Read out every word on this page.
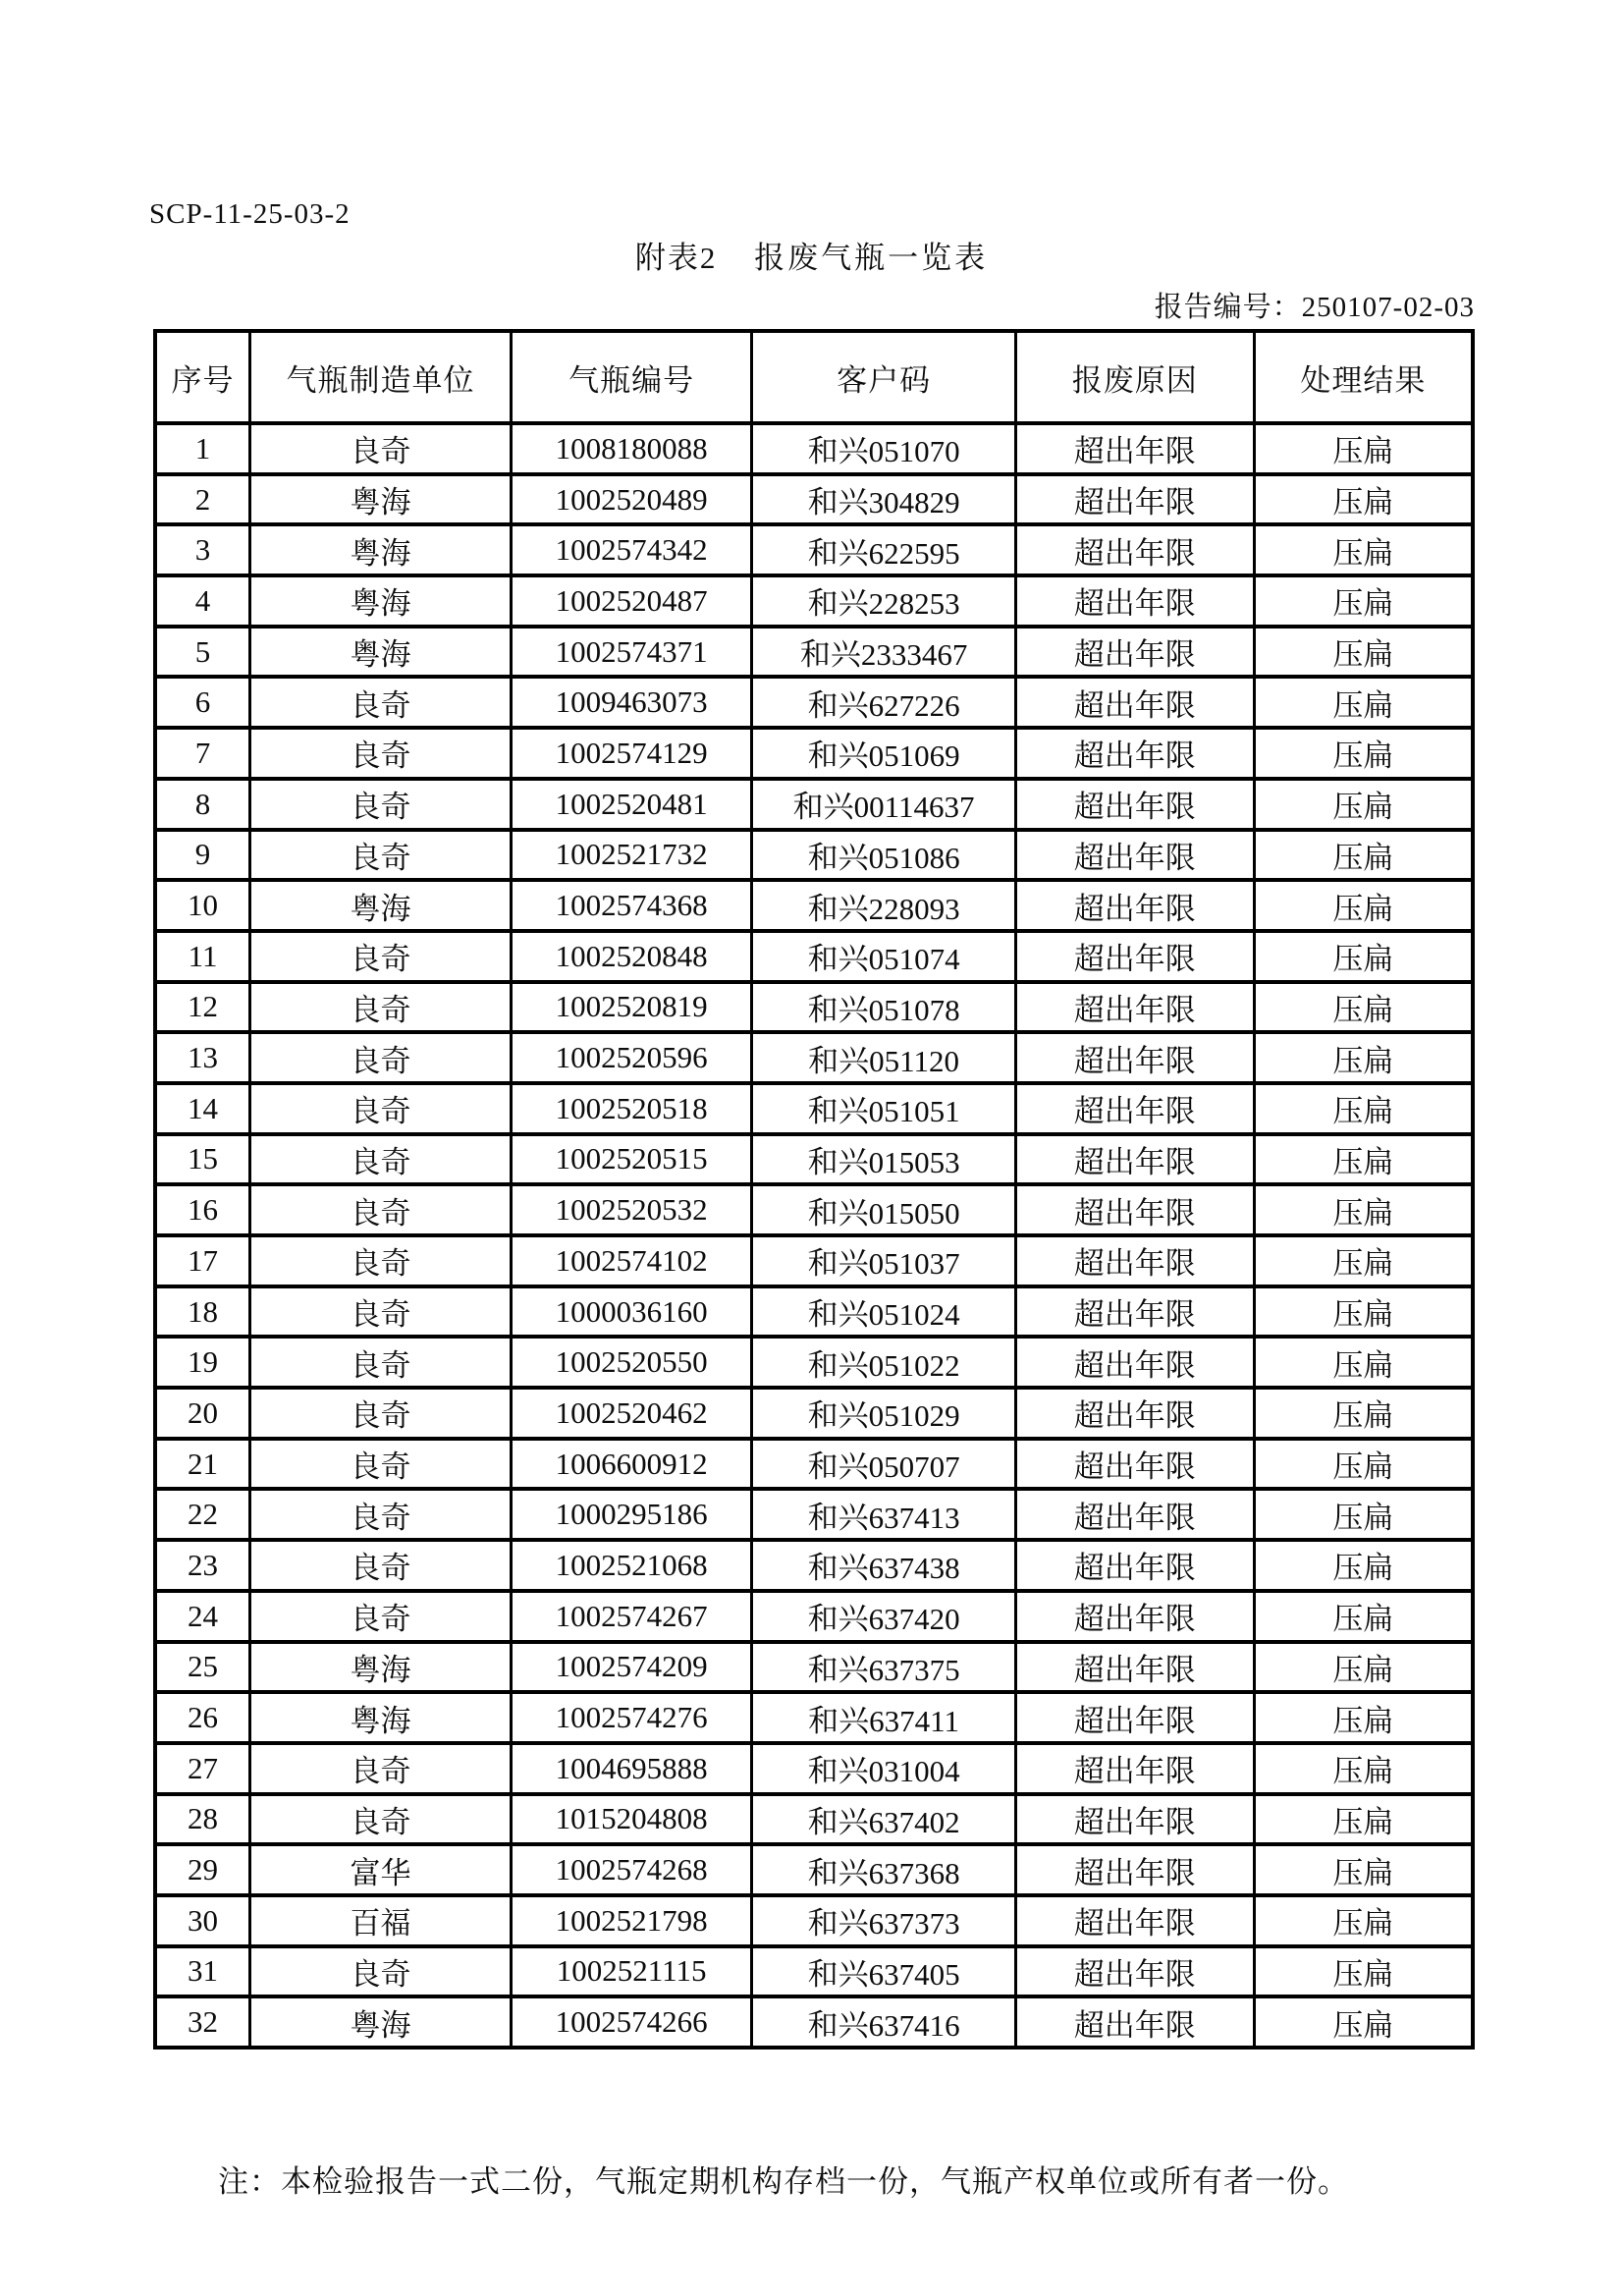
SCP-11-25-03-2
附表2 报废气瓶一览表
报告编号：250107-02-03
序号	气瓶制造单位	气瓶编号	客户码	报废原因	处理结果
1	良奇	1008180088	和兴051070	超出年限	压扁
2	粤海	1002520489	和兴304829	超出年限	压扁
3	粤海	1002574342	和兴622595	超出年限	压扁
4	粤海	1002520487	和兴228253	超出年限	压扁
5	粤海	1002574371	和兴2333467	超出年限	压扁
6	良奇	1009463073	和兴627226	超出年限	压扁
7	良奇	1002574129	和兴051069	超出年限	压扁
8	良奇	1002520481	和兴00114637	超出年限	压扁
9	良奇	1002521732	和兴051086	超出年限	压扁
10	粤海	1002574368	和兴228093	超出年限	压扁
11	良奇	1002520848	和兴051074	超出年限	压扁
12	良奇	1002520819	和兴051078	超出年限	压扁
13	良奇	1002520596	和兴051120	超出年限	压扁
14	良奇	1002520518	和兴051051	超出年限	压扁
15	良奇	1002520515	和兴015053	超出年限	压扁
16	良奇	1002520532	和兴015050	超出年限	压扁
17	良奇	1002574102	和兴051037	超出年限	压扁
18	良奇	1000036160	和兴051024	超出年限	压扁
19	良奇	1002520550	和兴051022	超出年限	压扁
20	良奇	1002520462	和兴051029	超出年限	压扁
21	良奇	1006600912	和兴050707	超出年限	压扁
22	良奇	1000295186	和兴637413	超出年限	压扁
23	良奇	1002521068	和兴637438	超出年限	压扁
24	良奇	1002574267	和兴637420	超出年限	压扁
25	粤海	1002574209	和兴637375	超出年限	压扁
26	粤海	1002574276	和兴637411	超出年限	压扁
27	良奇	1004695888	和兴031004	超出年限	压扁
28	良奇	1015204808	和兴637402	超出年限	压扁
29	富华	1002574268	和兴637368	超出年限	压扁
30	百福	1002521798	和兴637373	超出年限	压扁
31	良奇	1002521115	和兴637405	超出年限	压扁
32	粤海	1002574266	和兴637416	超出年限	压扁
注：本检验报告一式二份，气瓶定期机构存档一份，气瓶产权单位或所有者一份。
